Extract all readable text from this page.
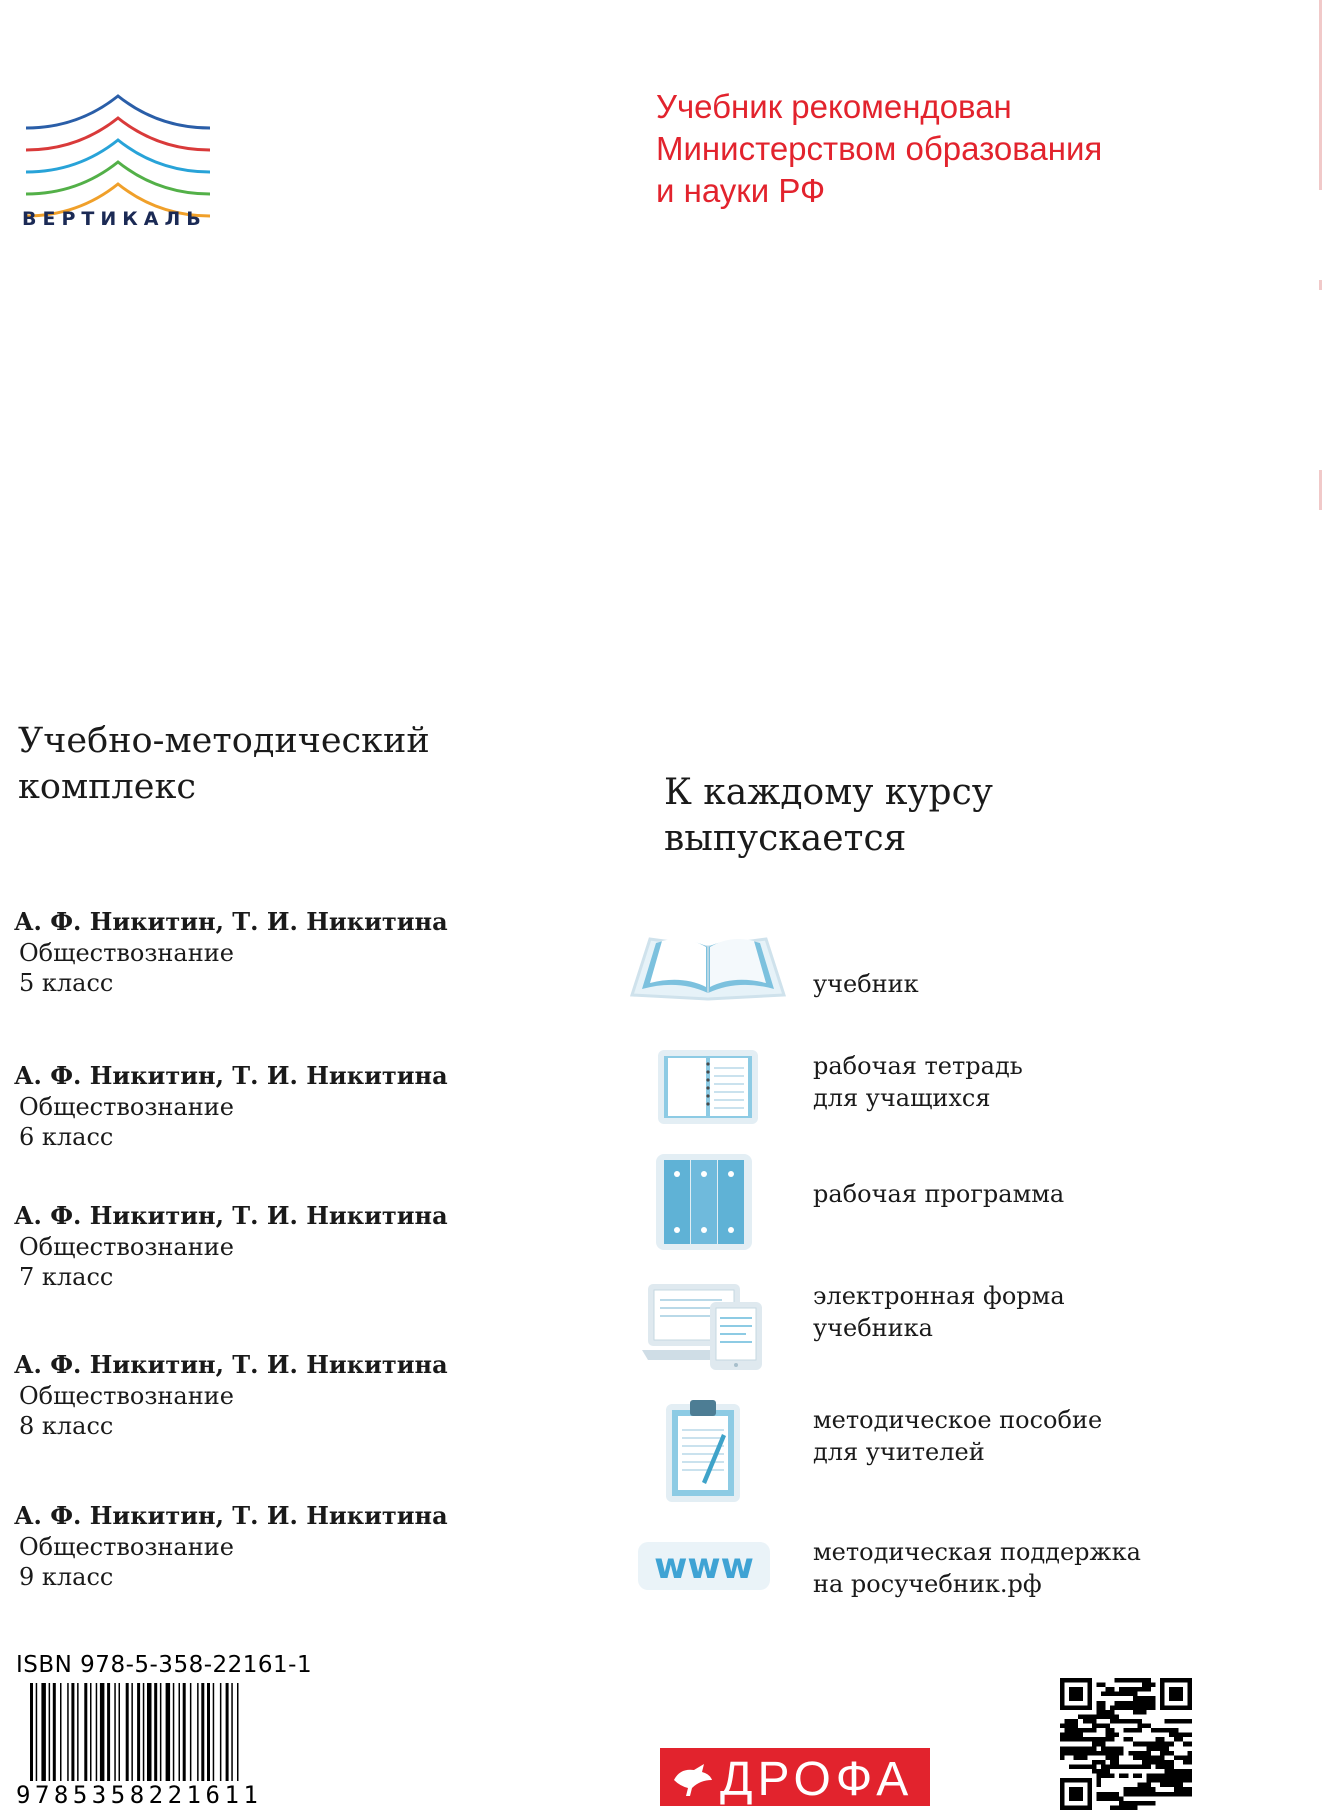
ВЕРТИКАЛЬ
Учебник рекомендован
Министерством образования
и науки РФ
Учебно-методический
комплекс
А. Ф. Никитин, Т. И. Никитина
Обществознание
5 класс
А. Ф. Никитин, Т. И. Никитина
Обществознание
6 класс
А. Ф. Никитин, Т. И. Никитина
Обществознание
7 класс
А. Ф. Никитин, Т. И. Никитина
Обществознание
8 класс
А. Ф. Никитин, Т. И. Никитина
Обществознание
9 класс
К каждому курсу
выпускается
www
учебник
рабочая тетрадь
для учащихся
рабочая программа
электронная форма
учебника
методическое пособие
для учителей
методическая поддержка
на росучебник.рф
ISBN 978-5-358-22161-1
9785358221611	ДРОФА
